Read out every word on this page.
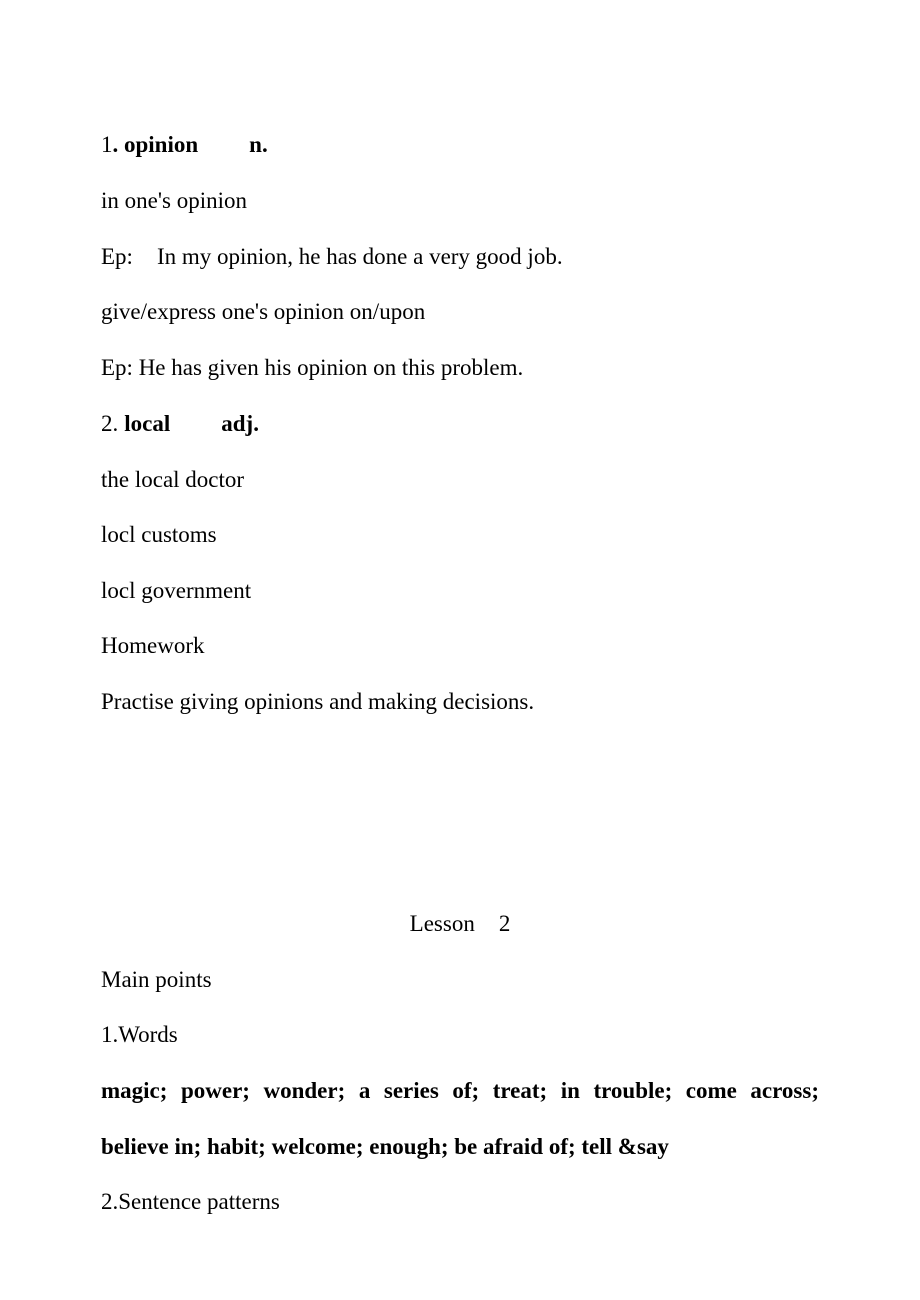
1. opinion n.
in one's opinion
Ep: In my opinion, he has done a very good job.
give/express one's opinion on/upon
Ep: He has given his opinion on this problem.
2. local adj.
the local doctor
locl customs
locl government
Homework
Practise giving opinions and making decisions.
Lesson 2
Main points
1.Words
magic; power; wonder; a series of; treat; in trouble; come across;
believe in; habit; welcome; enough; be afraid of; tell &say
2.Sentence patterns
